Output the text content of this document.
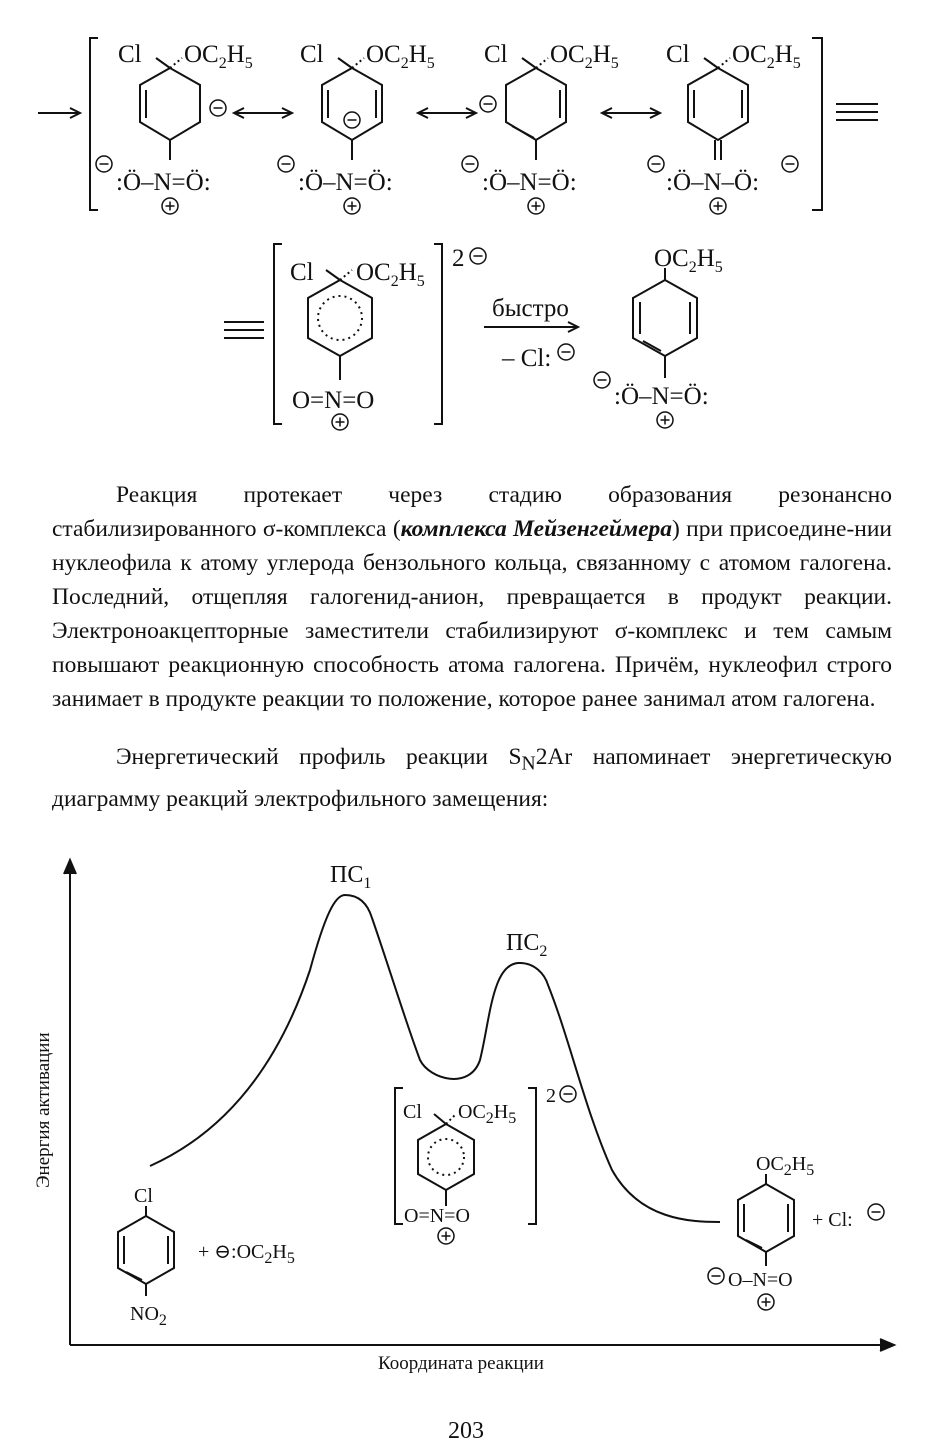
Cl $OC_2H_5$
:Ö–N=Ö:
Cl $OC_2H_5$
:Ö–N=Ö:
Cl $OC_2H_5$
:Ö–N=Ö:
Cl $OC_2H_5$
:Ö–N–Ö:
Cl $OC_2H_5$
2
O=N=O
быстро
– Cl:
$OC_2H_5$
:Ö–N=Ö:
$ПС_1$
$ПС_2$
Cl $OC_2H_5$
2
O=N=O
Cl
$NO_2$
+ $⊖:OC_2H_5$
$OC_2H_5$
O–N=O
+ Cl:
Реакция протекает через стадию образования резонансно стабилизированного σ-комплекса (комплекса Мейзенгеймера) при присоедине-нии нуклеофила к атому углерода бензольного кольца, связанному с атомом галогена. Последний, отщепляя галогенид-анион, превращается в продукт реакции. Электроноакцепторные заместители стабилизируют σ-комплекс и тем самым повышают реакционную способность атома галогена. Причём, нуклеофил строго занимает в продукте реакции то положение, которое ранее занимал атом галогена.
Энергетический профиль реакции $S_N2Ar$ напоминает энергетическую диаграмму реакций электрофильного замещения:
Энергия активации
Координата реакции
203
